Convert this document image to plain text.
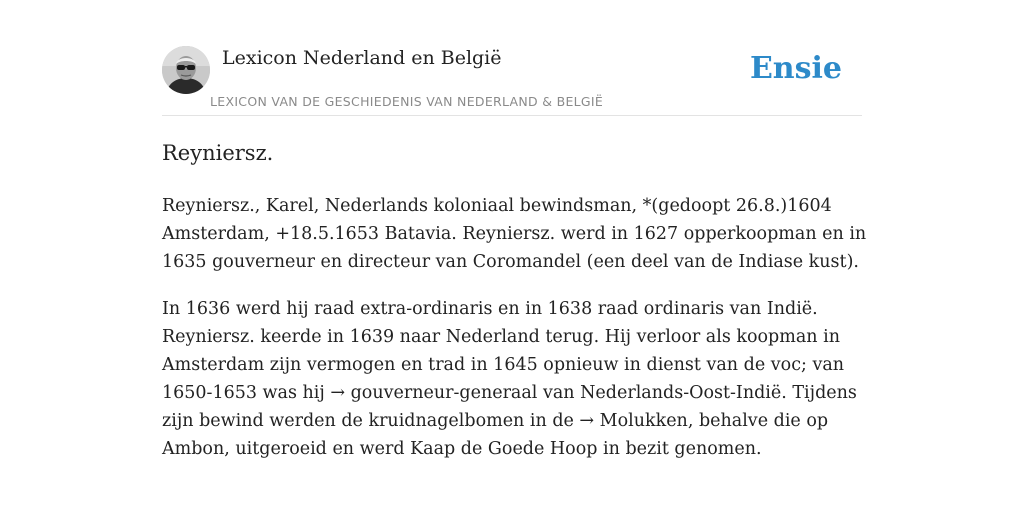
Lexicon Nederland en België
LEXICON VAN DE GESCHIEDENIS VAN NEDERLAND & BELGIË
Ensie
Reyniersz.

Reyniersz., Karel, Nederlands koloniaal bewindsman, *(gedoopt 26.8.)1604
Amsterdam, +18.5.1653 Batavia. Reyniersz. werd in 1627 opperkoopman en in
1635 gouverneur en directeur van Coromandel (een deel van de Indiase kust).

In 1636 werd hij raad extra-ordinaris en in 1638 raad ordinaris van Indië.
Reyniersz. keerde in 1639 naar Nederland terug. Hij verloor als koopman in
Amsterdam zijn vermogen en trad in 1645 opnieuw in dienst van de voc; van
1650-1653 was hij → gouverneur-generaal van Nederlands-Oost-Indië. Tijdens
zijn bewind werden de kruidnagelbomen in de → Molukken, behalve die op
Ambon, uitgeroeid en werd Kaap de Goede Hoop in bezit genomen.
